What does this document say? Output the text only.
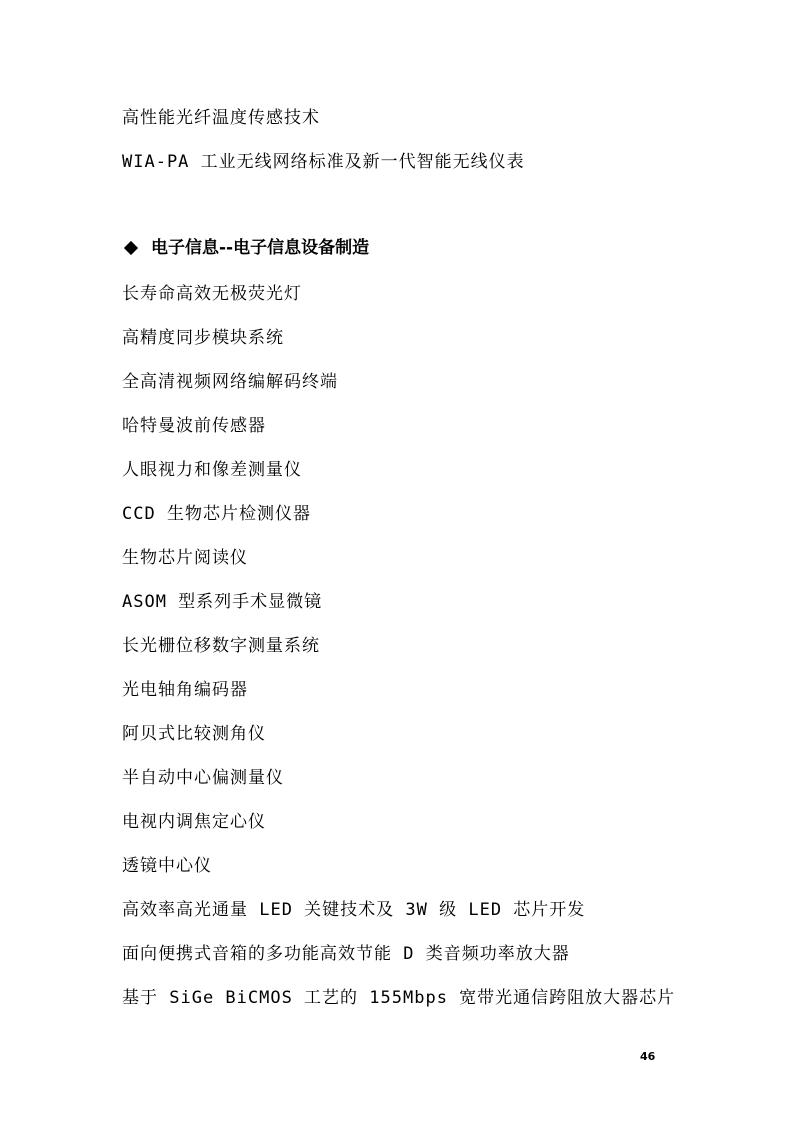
高性能光纤温度传感技术
WIA-PA 工业无线网络标准及新一代智能无线仪表
电子信息--电子信息设备制造
长寿命高效无极荧光灯
高精度同步模块系统
全高清视频网络编解码终端
哈特曼波前传感器
人眼视力和像差测量仪
CCD 生物芯片检测仪器
生物芯片阅读仪
ASOM 型系列手术显微镜
长光栅位移数字测量系统
光电轴角编码器
阿贝式比较测角仪
半自动中心偏测量仪
电视内调焦定心仪
透镜中心仪
高效率高光通量 LED 关键技术及 3W 级 LED 芯片开发
面向便携式音箱的多功能高效节能 D 类音频功率放大器
基于 SiGe BiCMOS 工艺的 155Mbps 宽带光通信跨阻放大器芯片
46
